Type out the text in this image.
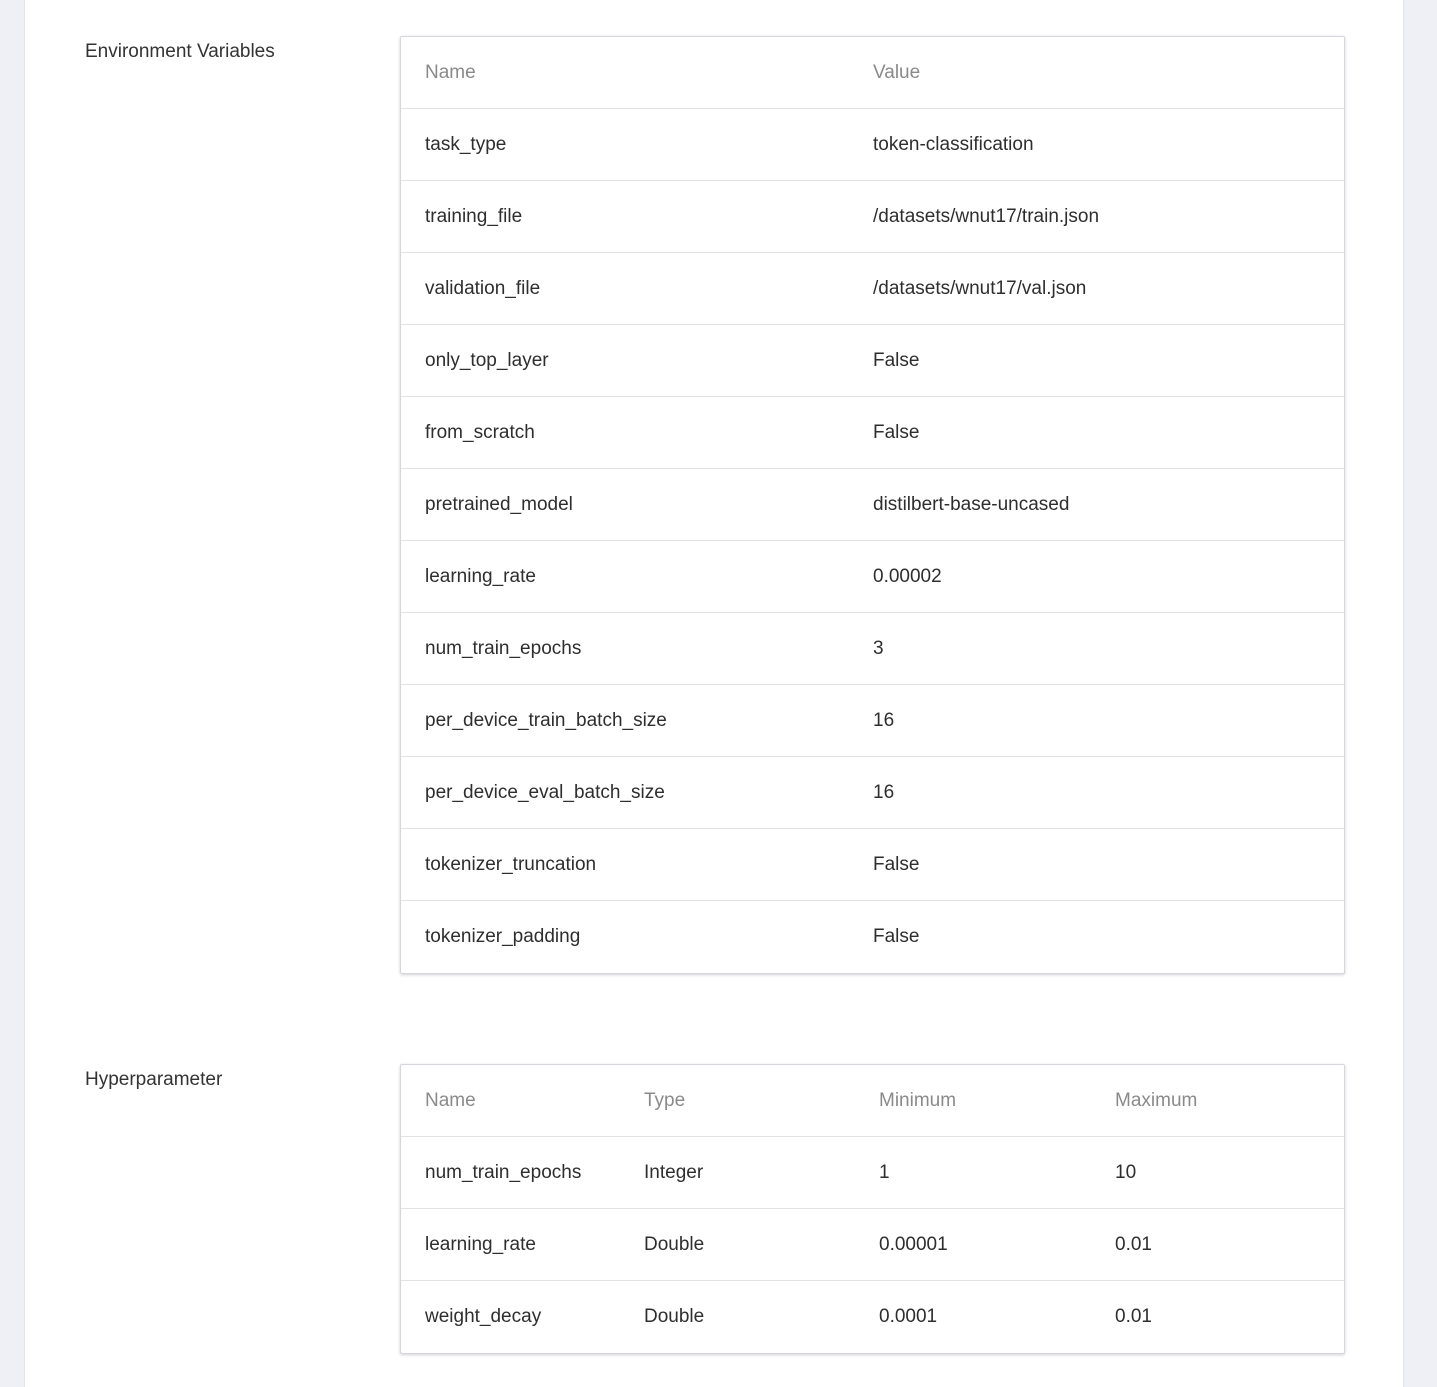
Environment Variables
Name	Value
task_type	token-classification
training_file	/datasets/wnut17/train.json
validation_file	/datasets/wnut17/val.json
only_top_layer	False
from_scratch	False
pretrained_model	distilbert-base-uncased
learning_rate	0.00002
num_train_epochs	3
per_device_train_batch_size	16
per_device_eval_batch_size	16
tokenizer_truncation	False
tokenizer_padding	False
Hyperparameter
Name	Type	Minimum	Maximum
num_train_epochs	Integer	1	10
learning_rate	Double	0.00001	0.01
weight_decay	Double	0.0001	0.01
